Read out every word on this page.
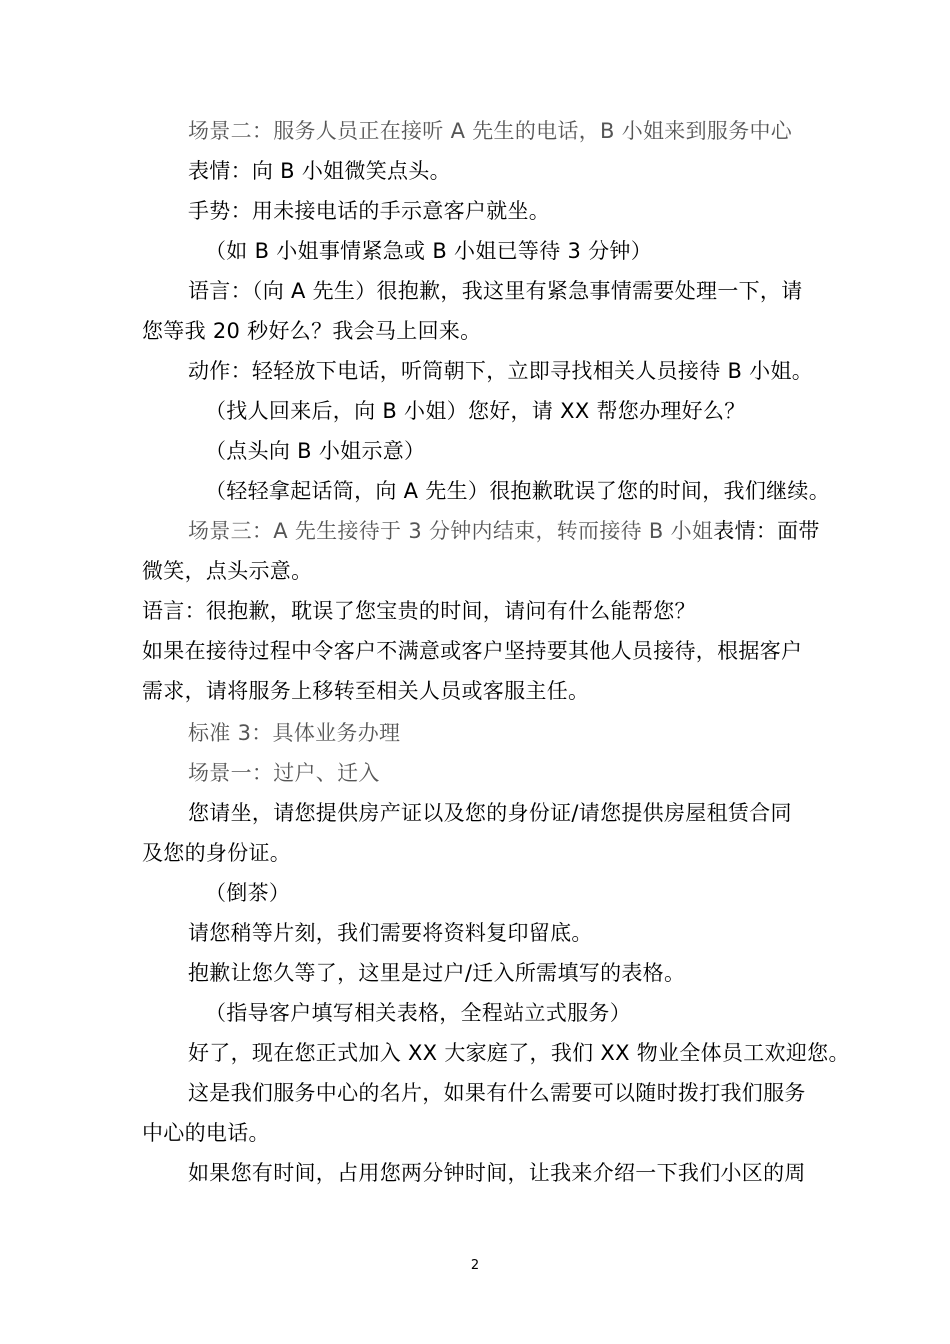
场景二：服务人员正在接听 A 先生的电话，B 小姐来到服务中心
表情：向 B 小姐微笑点头。
手势：用未接电话的手示意客户就坐。
（如 B 小姐事情紧急或 B 小姐已等待 3 分钟）
语言：（向 A 先生）很抱歉，我这里有紧急事情需要处理一下，请
您等我 20 秒好么？我会马上回来。
动作：轻轻放下电话，听筒朝下，立即寻找相关人员接待 B 小姐。
（找人回来后，向 B 小姐）您好，请 XX 帮您办理好么？
（点头向 B 小姐示意）
（轻轻拿起话筒，向 A 先生）很抱歉耽误了您的时间，我们继续。
场景三：A 先生接待于 3 分钟内结束，转而接待 B 小姐表情：面带
微笑，点头示意。
语言：很抱歉，耽误了您宝贵的时间，请问有什么能帮您？
如果在接待过程中令客户不满意或客户坚持要其他人员接待，根据客户
需求，请将服务上移转至相关人员或客服主任。
标准 3：具体业务办理
场景一：过户、迁入
您请坐，请您提供房产证以及您的身份证/请您提供房屋租赁合同
及您的身份证。
（倒茶）
请您稍等片刻，我们需要将资料复印留底。
抱歉让您久等了，这里是过户/迁入所需填写的表格。
（指导客户填写相关表格，全程站立式服务）
好了，现在您正式加入 XX 大家庭了，我们 XX 物业全体员工欢迎您。
这是我们服务中心的名片，如果有什么需要可以随时拨打我们服务
中心的电话。
如果您有时间，占用您两分钟时间，让我来介绍一下我们小区的周
2
